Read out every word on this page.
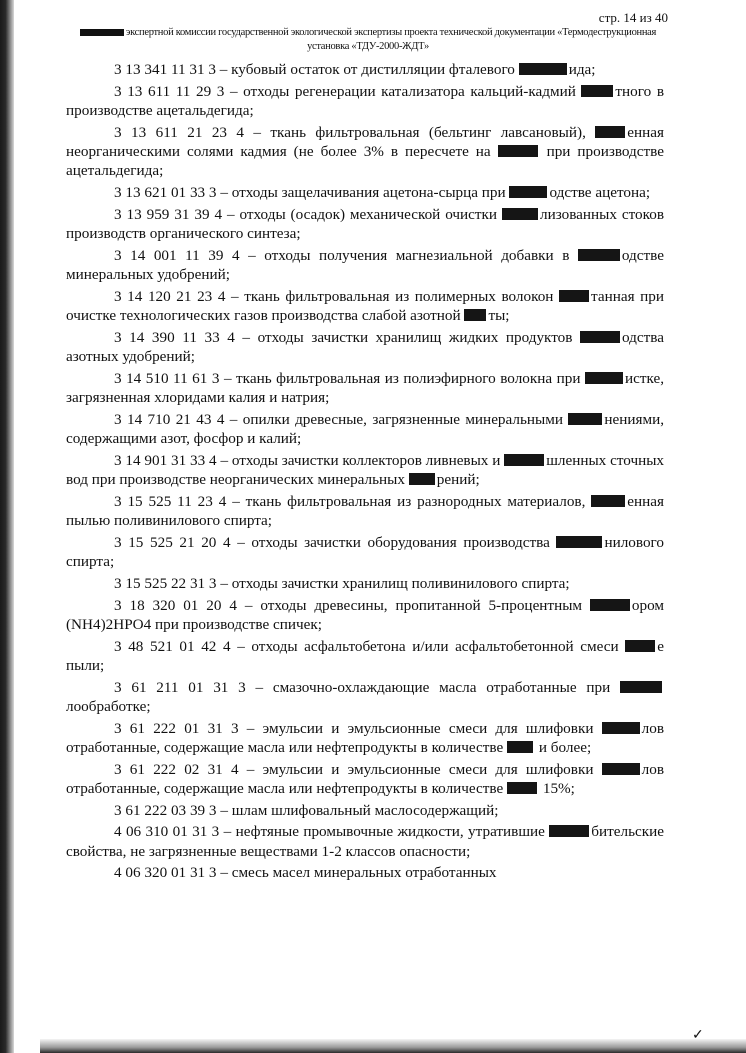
стр. 14 из 40
экспертной комиссии государственной экологической экспертизы проекта технической документации «Термодеструкционная
установка «ТДУ-2000-ЖДТ»

3 13 341 11 31 3 – кубовый остаток от дистилляции фталевого	ида;

3 13 611 11 29 3 – отходы регенерации катализатора кальций-кадмий	тного в производстве ацетальдегида;

3 13 611 21 23 4 – ткань фильтровальная (бельтинг лавсановый),	енная неорганическими солями кадмия (не более 3% в пересчете на	при производстве ацетальдегида;

3 13 621 01 33 3 – отходы защелачивания ацетона-сырца при	одстве ацетона;

3 13 959 31 39 4 – отходы (осадок) механической очистки	лизованных стоков производств органического синтеза;

3 14 001 11 39 4 – отходы получения магнезиальной добавки в	одстве минеральных удобрений;

3 14 120 21 23 4 – ткань фильтровальная из полимерных волокон танная при очистке технологических газов производства слабой азотной ты;

3 14 390 11 33 4 – отходы зачистки хранилищ жидких продуктов	одства азотных удобрений;

3 14 510 11 61 3 – ткань фильтровальная из полиэфирного волокна при	истке, загрязненная хлоридами калия и натрия;

3 14 710 21 43 4 – опилки древесные, загрязненные минеральными	нениями, содержащими азот, фосфор и калий;

3 14 901 31 33 4 – отходы зачистки коллекторов ливневых и	шленных сточных вод при производстве неорганических минеральных рений;

3 15 525 11 23 4 – ткань фильтровальная из разнородных материалов,	енная пылью поливинилового спирта;

3 15 525 21 20 4 – отходы зачистки оборудования производства	нилового спирта;

3 15 525 22 31 3 – отходы зачистки хранилищ поливинилового спирта;

3 18 320 01 20 4 – отходы древесины, пропитанной 5-процентным	ором (NH4)2HPO4 при производстве спичек;

3 48 521 01 42 4 – отходы асфальтобетона и/или асфальтобетонной смеси	е пыли;

3 61 211 01 31 3 – смазочно-охлаждающие масла отработанные при лообработке;

3 61 222 01 31 3 – эмульсии и эмульсионные смеси для шлифовки	лов отработанные, содержащие масла или нефтепродукты в количестве  и более;

3 61 222 02 31 4 – эмульсии и эмульсионные смеси для шлифовки	лов отработанные, содержащие масла или нефтепродукты в количестве  15%;

3 61 222 03 39 3 – шлам шлифовальный маслосодержащий;

4 06 310 01 31 3 – нефтяные промывочные жидкости, утратившие	бительские свойства, не загрязненные веществами 1-2 классов опасности;

4 06 320 01 31 3 – смесь масел минеральных отработанных

✓
